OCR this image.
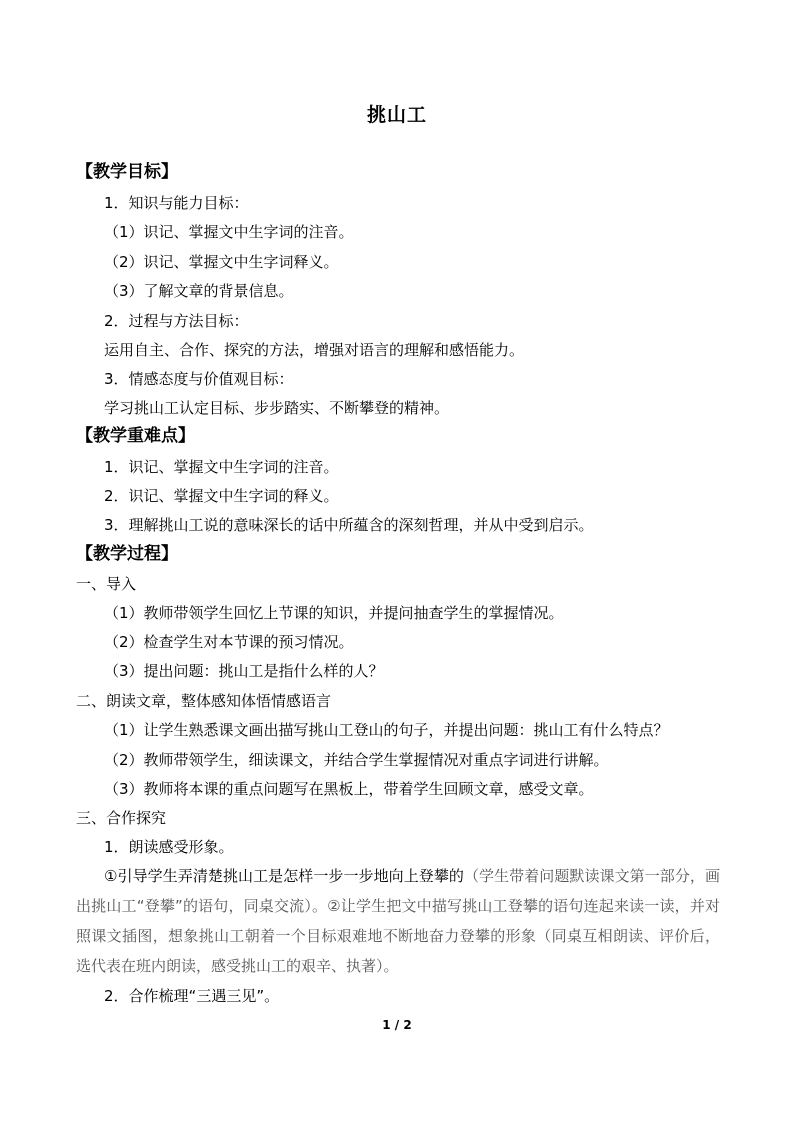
挑山工
【教学目标】
1．知识与能力目标：
（1）识记、掌握文中生字词的注音。
（2）识记、掌握文中生字词释义。
（3）了解文章的背景信息。
2．过程与方法目标：
运用自主、合作、探究的方法，增强对语言的理解和感悟能力。
3．情感态度与价值观目标：
学习挑山工认定目标、步步踏实、不断攀登的精神。
【教学重难点】
1．识记、掌握文中生字词的注音。
2．识记、掌握文中生字词的释义。
3．理解挑山工说的意味深长的话中所蕴含的深刻哲理，并从中受到启示。
【教学过程】
一、导入
（1）教师带领学生回忆上节课的知识，并提问抽查学生的掌握情况。
（2）检查学生对本节课的预习情况。
（3）提出问题：挑山工是指什么样的人？
二、朗读文章，整体感知体悟情感语言
（1）让学生熟悉课文画出描写挑山工登山的句子，并提出问题：挑山工有什么特点？
（2）教师带领学生，细读课文，并结合学生掌握情况对重点字词进行讲解。
（3）教师将本课的重点问题写在黑板上，带着学生回顾文章，感受文章。
三、合作探究
1．朗读感受形象。
①引导学生弄清楚挑山工是怎样一步一步地向上登攀的（学生带着问题默读课文第一部分，画出挑山工“登攀”的语句，同桌交流）。②让学生把文中描写挑山工登攀的语句连起来读一读，并对照课文插图，想象挑山工朝着一个目标艰难地不断地奋力登攀的形象（同桌互相朗读、评价后，选代表在班内朗读，感受挑山工的艰辛、执著）。
2．合作梳理“三遇三见”。
1 / 2
